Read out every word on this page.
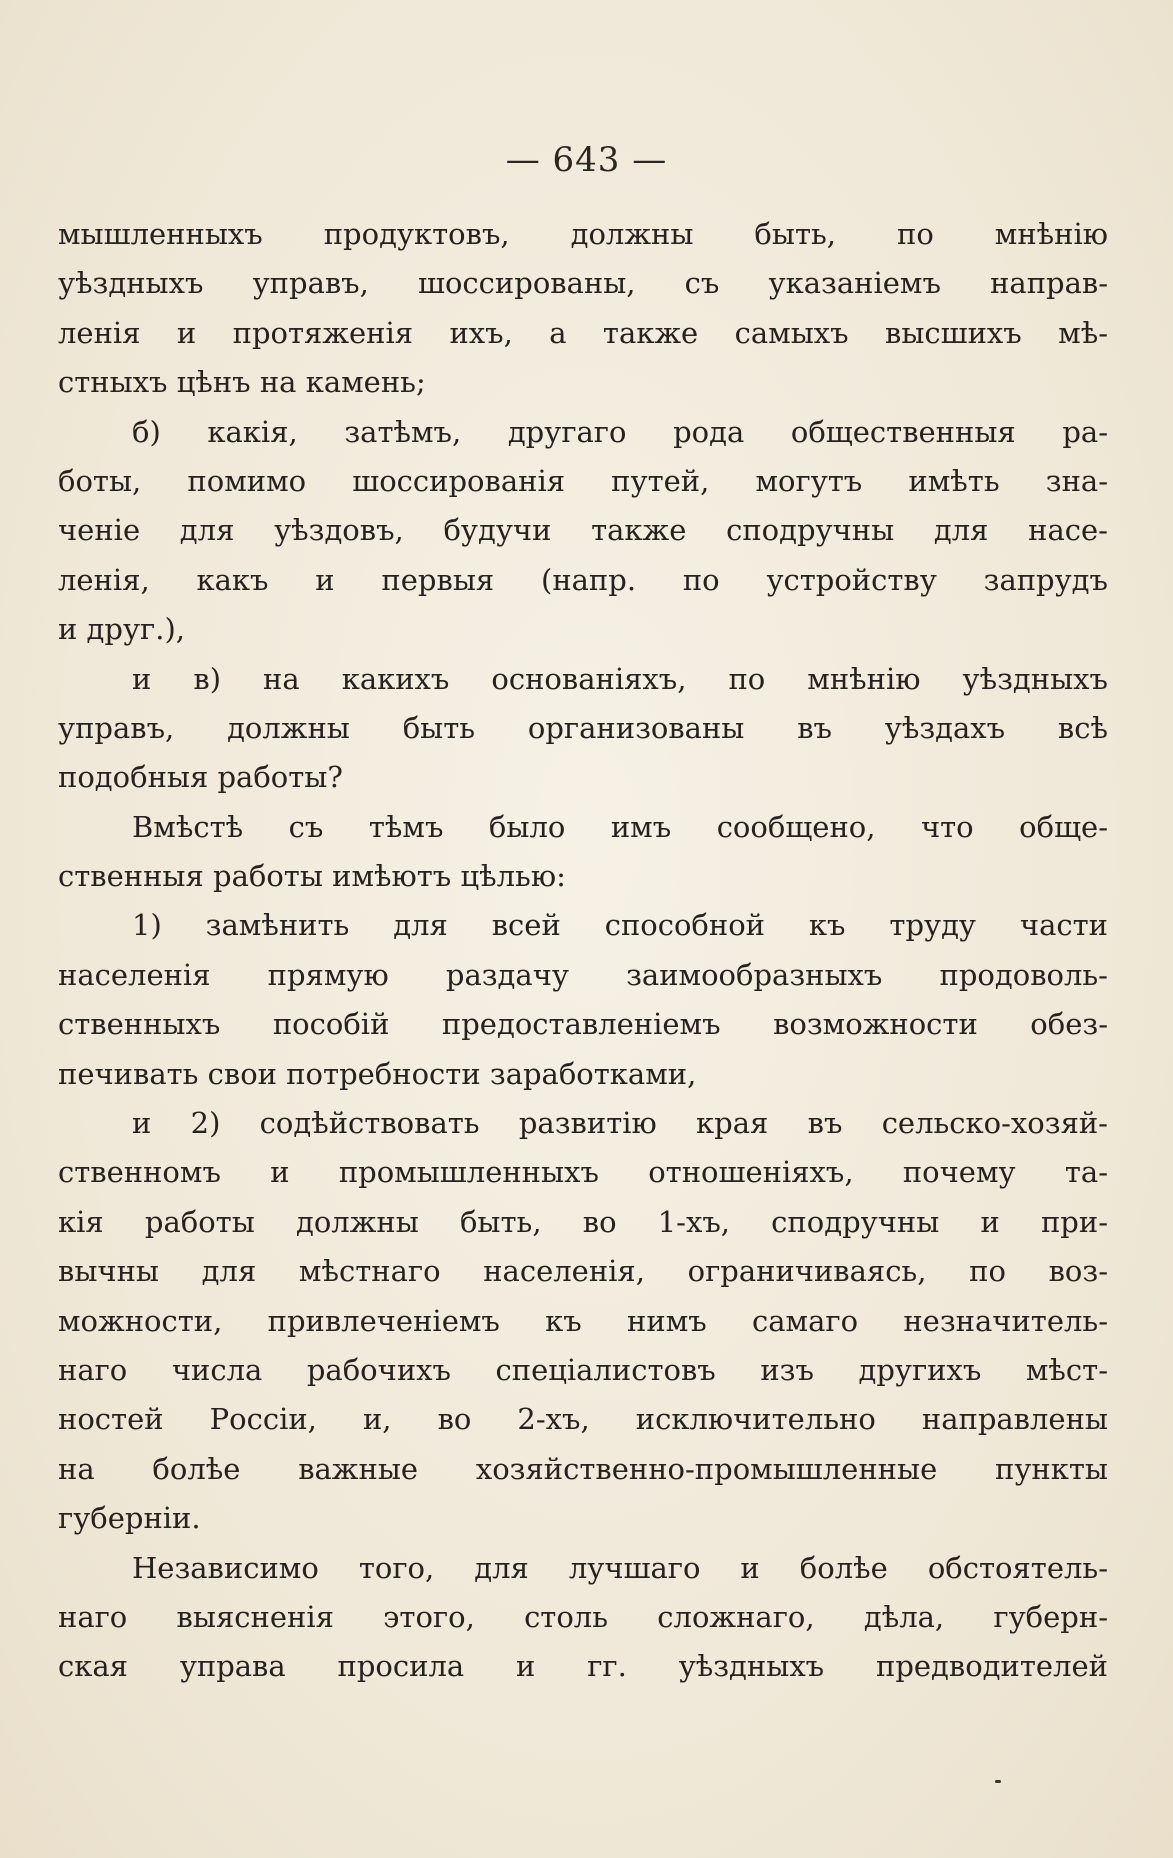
— 643 —
мышленныхъ продуктовъ, должны быть, по мнѣнію
уѣздныхъ управъ, шоссированы, съ указаніемъ направ-
ленія и протяженія ихъ, а также самыхъ высшихъ мѣ-
стныхъ цѣнъ на камень;
б) какія, затѣмъ, другаго рода общественныя ра-
боты, помимо шоссированія путей, могутъ имѣть зна-
ченіе для уѣздовъ, будучи также сподручны для насе-
ленія, какъ и первыя (напр. по устройству запрудъ
и друг.),
и в) на какихъ основаніяхъ, по мнѣнію уѣздныхъ
управъ, должны быть организованы въ уѣздахъ всѣ
подобныя работы?
Вмѣстѣ съ тѣмъ было имъ сообщено, что обще-
ственныя работы имѣютъ цѣлью:
1) замѣнить для всей способной къ труду части
населенія прямую раздачу заимообразныхъ продоволь-
ственныхъ пособій предоставленіемъ возможности обез-
печивать свои потребности заработками,
и 2) содѣйствовать развитію края въ сельско-хозяй-
ственномъ и промышленныхъ отношеніяхъ, почему та-
кія работы должны быть, во 1-хъ, сподручны и при-
вычны для мѣстнаго населенія, ограничиваясь, по воз-
можности, привлеченіемъ къ нимъ самаго незначитель-
наго числа рабочихъ спеціалистовъ изъ другихъ мѣст-
ностей Россіи, и, во 2-хъ, исключительно направлены
на болѣе важные хозяйственно-промышленные пункты
губерніи.
Независимо того, для лучшаго и болѣе обстоятель-
наго выясненія этого, столь сложнаго, дѣла, губерн-
ская управа просила и гг. уѣздныхъ предводителей
